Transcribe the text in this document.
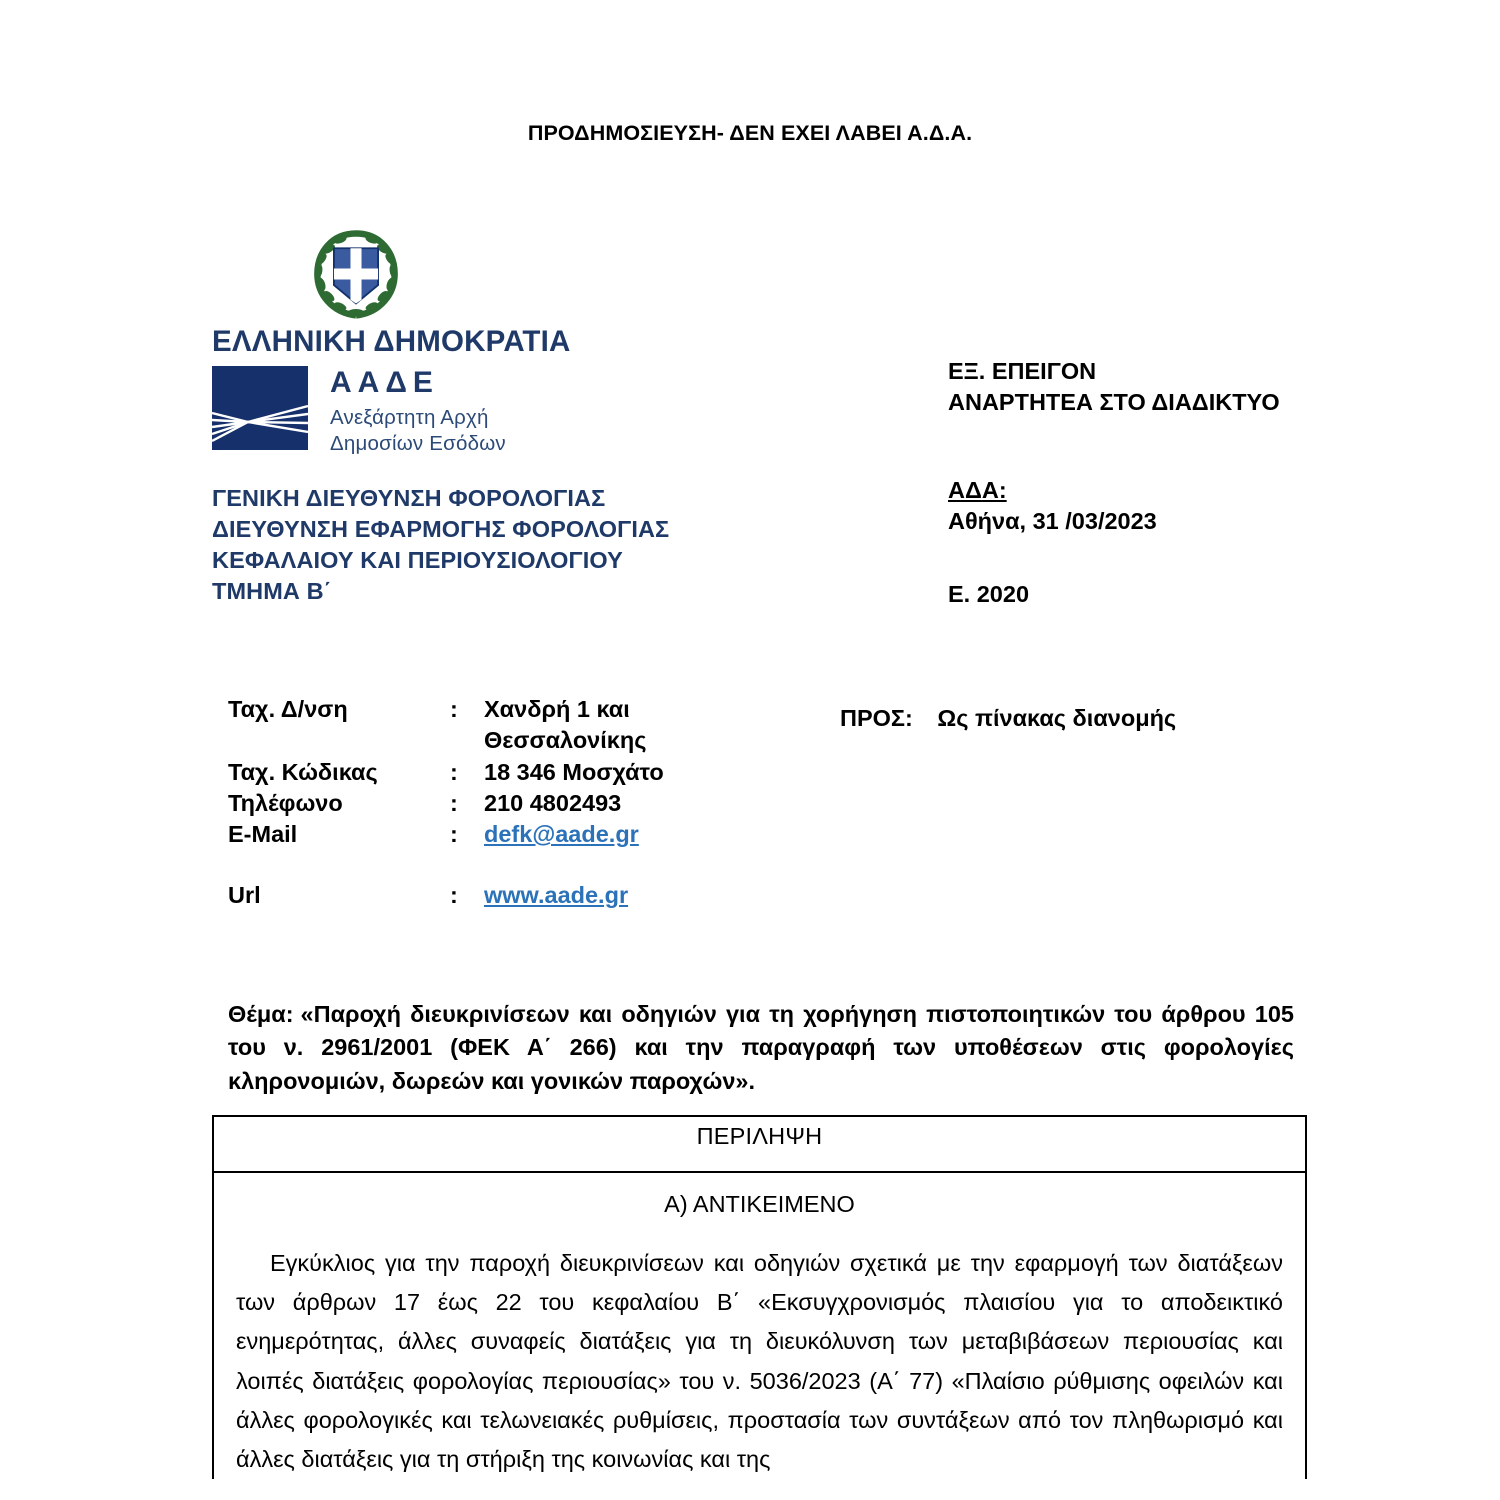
ΠΡΟΔΗΜΟΣΙΕΥΣΗ- ΔΕΝ ΕΧΕΙ ΛΑΒΕΙ Α.Δ.Α.
ΕΛΛΗΝΙΚΗ ΔΗΜΟΚΡΑΤΙΑ
ΑΑΔΕ
Ανεξάρτητη Αρχή
Δημοσίων Εσόδων
ΓΕΝΙΚΗ ΔΙΕΥΘΥΝΣΗ ΦΟΡΟΛΟΓΙΑΣ
ΔΙΕΥΘΥΝΣΗ ΕΦΑΡΜΟΓΗΣ ΦΟΡΟΛΟΓΙΑΣ
ΚΕΦΑΛΑΙΟΥ ΚΑΙ ΠΕΡΙΟΥΣΙΟΛΟΓΙΟΥ
ΤΜΗΜΑ Β΄
Ταχ. Δ/νση	:	Χανδρή 1 και
Θεσσαλονίκης
Ταχ. Κώδικας	:	18 346 Μοσχάτο
Τηλέφωνο	:	210 4802493
E-Mail	:	defk@aade.gr
Url	:	www.aade.gr
ΕΞ. ΕΠΕΙΓΟΝ
ΑΝΑΡΤΗΤΕΑ ΣΤΟ ΔΙΑΔΙΚΤΥΟ
ΑΔΑ:
Αθήνα, 31 /03/2023
Ε. 2020
ΠΡΟΣ: Ως πίνακας διανομής
Θέμα: «Παροχή διευκρινίσεων και οδηγιών για τη χορήγηση πιστοποιητικών του άρθρου 105 του ν. 2961/2001 (ΦΕΚ Α΄ 266) και την παραγραφή των υποθέσεων στις φορολογίες κληρονομιών, δωρεών και γονικών παροχών».
ΠΕΡΙΛΗΨΗ
Α) ΑΝΤΙΚΕΙΜΕΝΟ

Εγκύκλιος για την παροχή διευκρινίσεων και οδηγιών σχετικά με την εφαρμογή των διατάξεων των άρθρων 17 έως 22 του κεφαλαίου Β΄ «Εκσυγχρονισμός πλαισίου για το αποδεικτικό ενημερότητας, άλλες συναφείς διατάξεις για τη διευκόλυνση των μεταβιβάσεων περιουσίας και λοιπές διατάξεις φορολογίας περιουσίας» του ν. 5036/2023 (Α΄ 77) «Πλαίσιο ρύθμισης οφειλών και άλλες φορολογικές και τελωνειακές ρυθμίσεις, προστασία των συντάξεων από τον πληθωρισμό και άλλες διατάξεις για τη στήριξη της κοινωνίας και της
